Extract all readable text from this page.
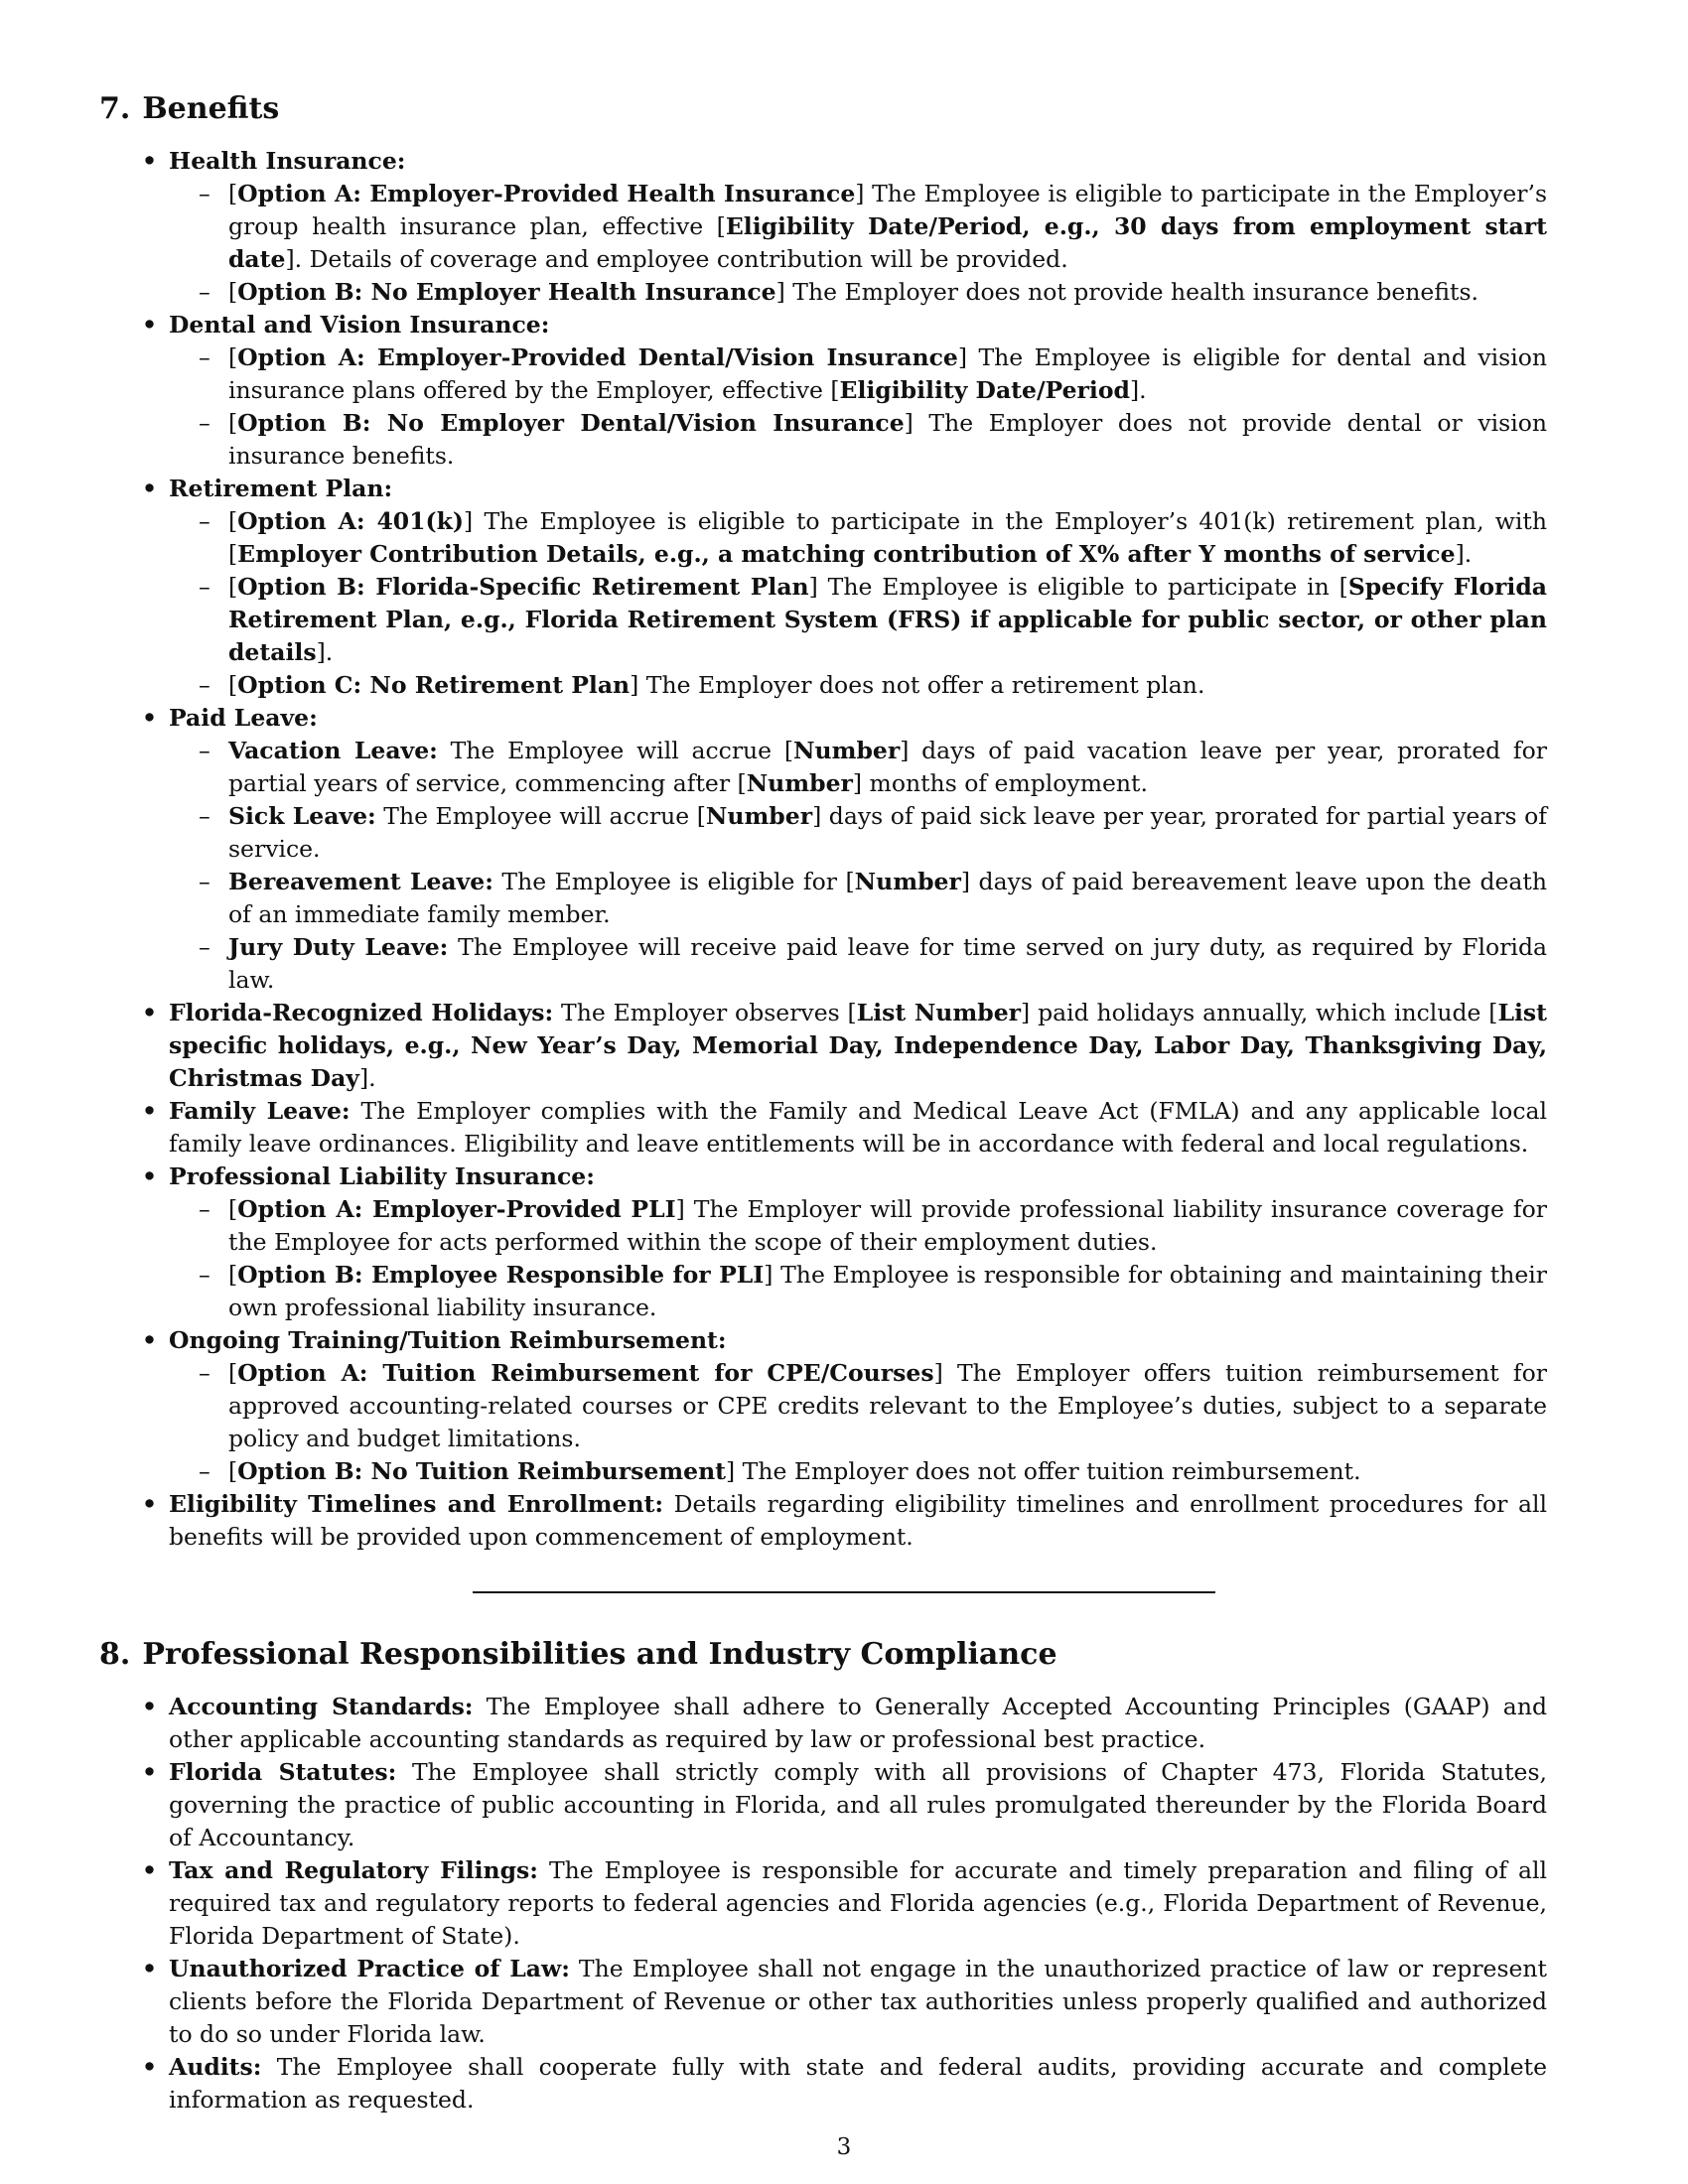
7. Benefits
• Health Insurance:
– [Option A: Employer-Provided Health Insurance] The Employee is eligible to participate in the Employer’s group health insurance plan, effective [Eligibility Date/Period, e.g., 30 days from employment start date]. Details of coverage and employee contribution will be provided.
– [Option B: No Employer Health Insurance] The Employer does not provide health insurance benefits.
• Dental and Vision Insurance:
– [Option A: Employer-Provided Dental/Vision Insurance] The Employee is eligible for dental and vision insurance plans offered by the Employer, effective [Eligibility Date/Period].
– [Option B: No Employer Dental/Vision Insurance] The Employer does not provide dental or vision insurance benefits.
• Retirement Plan:
– [Option A: 401(k)] The Employee is eligible to participate in the Employer’s 401(k) retirement plan, with [Employer Contribution Details, e.g., a matching contribution of X% after Y months of service].
– [Option B: Florida-Specific Retirement Plan] The Employee is eligible to participate in [Specify Florida Retirement Plan, e.g., Florida Retirement System (FRS) if applicable for public sector, or other plan details].
– [Option C: No Retirement Plan] The Employer does not offer a retirement plan.
• Paid Leave:
– Vacation Leave: The Employee will accrue [Number] days of paid vacation leave per year, prorated for partial years of service, commencing after [Number] months of employment.
– Sick Leave: The Employee will accrue [Number] days of paid sick leave per year, prorated for partial years of service.
– Bereavement Leave: The Employee is eligible for [Number] days of paid bereavement leave upon the death of an immediate family member.
– Jury Duty Leave: The Employee will receive paid leave for time served on jury duty, as required by Florida law.
• Florida-Recognized Holidays: The Employer observes [List Number] paid holidays annually, which include [List specific holidays, e.g., New Year’s Day, Memorial Day, Independence Day, Labor Day, Thanksgiving Day, Christmas Day].
• Family Leave: The Employer complies with the Family and Medical Leave Act (FMLA) and any applicable local family leave ordinances. Eligibility and leave entitlements will be in accordance with federal and local regulations.
• Professional Liability Insurance:
– [Option A: Employer-Provided PLI] The Employer will provide professional liability insurance coverage for the Employee for acts performed within the scope of their employment duties.
– [Option B: Employee Responsible for PLI] The Employee is responsible for obtaining and maintaining their own professional liability insurance.
• Ongoing Training/Tuition Reimbursement:
– [Option A: Tuition Reimbursement for CPE/Courses] The Employer offers tuition reimbursement for approved accounting-related courses or CPE credits relevant to the Employee’s duties, subject to a separate policy and budget limitations.
– [Option B: No Tuition Reimbursement] The Employer does not offer tuition reimbursement.
• Eligibility Timelines and Enrollment: Details regarding eligibility timelines and enrollment procedures for all benefits will be provided upon commencement of employment.
8. Professional Responsibilities and Industry Compliance
• Accounting Standards: The Employee shall adhere to Generally Accepted Accounting Principles (GAAP) and other applicable accounting standards as required by law or professional best practice.
• Florida Statutes: The Employee shall strictly comply with all provisions of Chapter 473, Florida Statutes, governing the practice of public accounting in Florida, and all rules promulgated thereunder by the Florida Board of Accountancy.
• Tax and Regulatory Filings: The Employee is responsible for accurate and timely preparation and filing of all required tax and regulatory reports to federal agencies and Florida agencies (e.g., Florida Department of Revenue, Florida Department of State).
• Unauthorized Practice of Law: The Employee shall not engage in the unauthorized practice of law or represent clients before the Florida Department of Revenue or other tax authorities unless properly qualified and authorized to do so under Florida law.
• Audits: The Employee shall cooperate fully with state and federal audits, providing accurate and complete information as requested.
3
